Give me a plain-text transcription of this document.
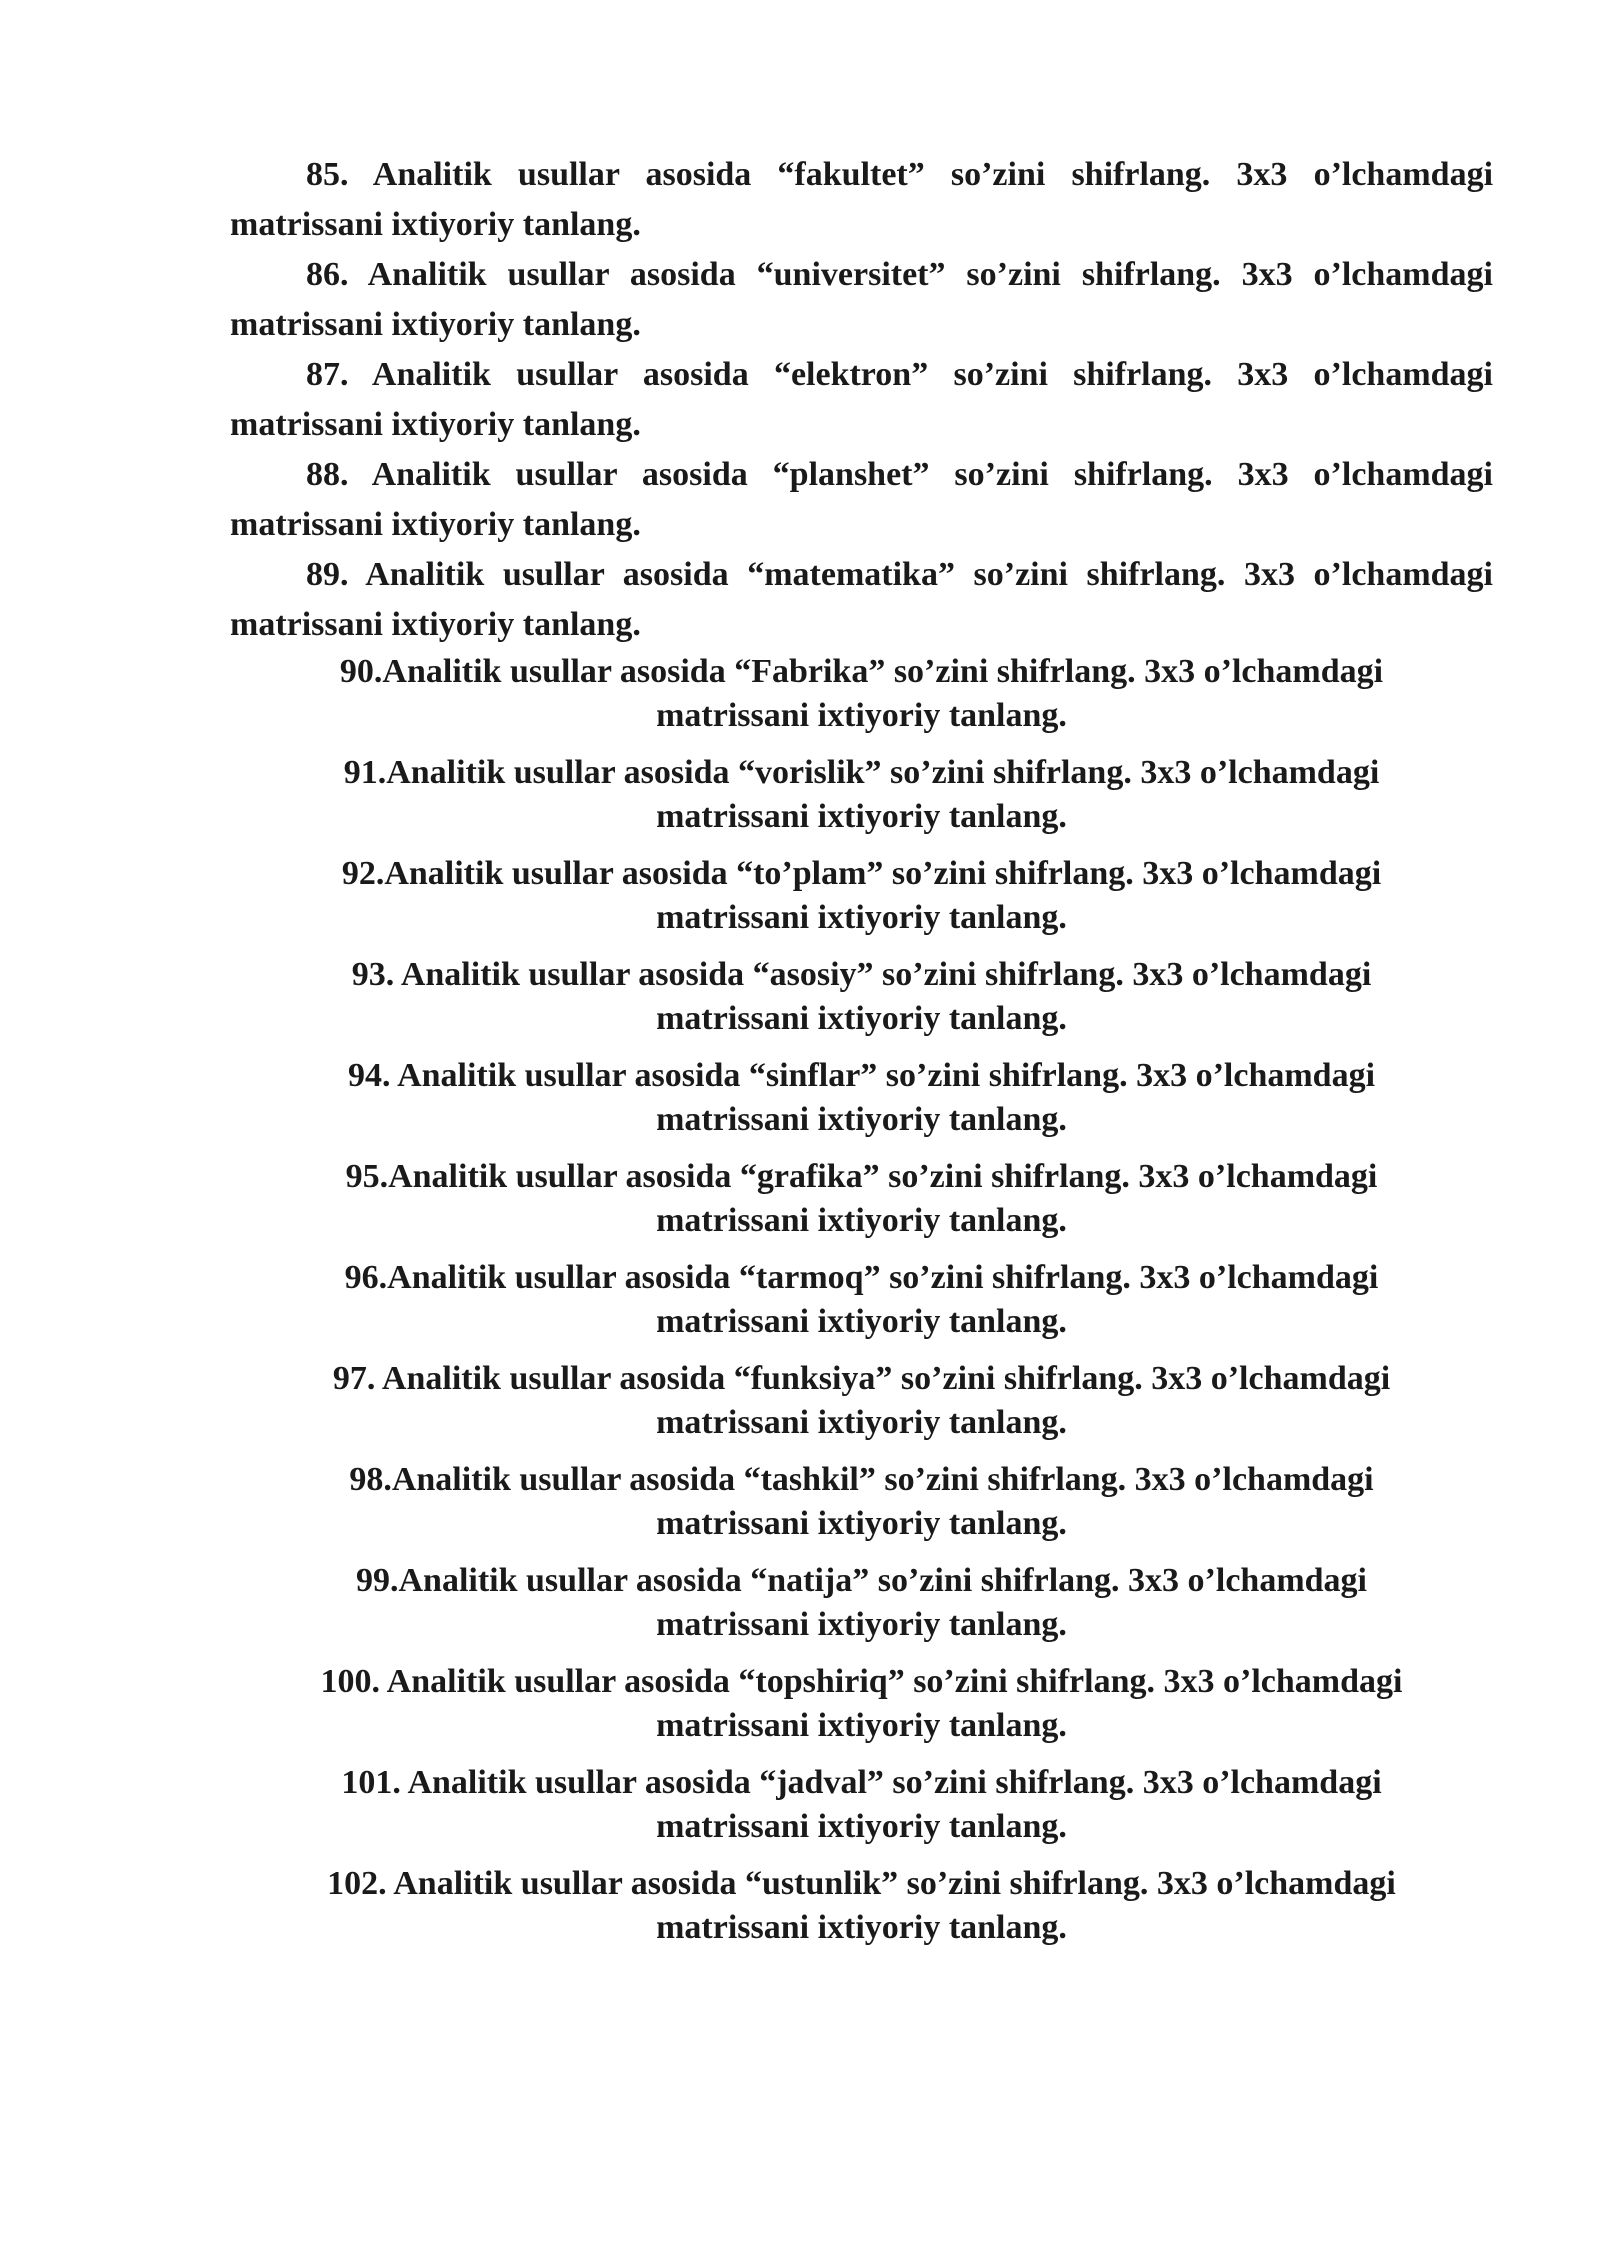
85. Analitik usullar asosida “fakultet” so’zini shifrlang. 3x3 o’lchamdagi matrissani ixtiyoriy tanlang.

86. Analitik usullar asosida “universitet” so’zini shifrlang. 3x3 o’lchamdagi matrissani ixtiyoriy tanlang.

87. Analitik usullar asosida “elektron” so’zini shifrlang. 3x3 o’lchamdagi matrissani ixtiyoriy tanlang.

88. Analitik usullar asosida “planshet” so’zini shifrlang. 3x3 o’lchamdagi matrissani ixtiyoriy tanlang.

89. Analitik usullar asosida “matematika” so’zini shifrlang. 3x3 o’lchamdagi matrissani ixtiyoriy tanlang.

90.Analitik usullar asosida “Fabrika” so’zini shifrlang. 3x3 o’lchamdagi
matrissani ixtiyoriy tanlang.

91.Analitik usullar asosida “vorislik” so’zini shifrlang. 3x3 o’lchamdagi
matrissani ixtiyoriy tanlang.

92.Analitik usullar asosida “to’plam” so’zini shifrlang. 3x3 o’lchamdagi
matrissani ixtiyoriy tanlang.

93. Analitik usullar asosida “asosiy” so’zini shifrlang. 3x3 o’lchamdagi
matrissani ixtiyoriy tanlang.

94. Analitik usullar asosida “sinflar” so’zini shifrlang. 3x3 o’lchamdagi
matrissani ixtiyoriy tanlang.

95.Analitik usullar asosida “grafika” so’zini shifrlang. 3x3 o’lchamdagi
matrissani ixtiyoriy tanlang.

96.Analitik usullar asosida “tarmoq” so’zini shifrlang. 3x3 o’lchamdagi
matrissani ixtiyoriy tanlang.

97. Analitik usullar asosida “funksiya” so’zini shifrlang. 3x3 o’lchamdagi
matrissani ixtiyoriy tanlang.

98.Analitik usullar asosida “tashkil” so’zini shifrlang. 3x3 o’lchamdagi
matrissani ixtiyoriy tanlang.

99.Analitik usullar asosida “natija” so’zini shifrlang. 3x3 o’lchamdagi
matrissani ixtiyoriy tanlang.

100. Analitik usullar asosida “topshiriq” so’zini shifrlang. 3x3 o’lchamdagi
matrissani ixtiyoriy tanlang.

101. Analitik usullar asosida “jadval” so’zini shifrlang. 3x3 o’lchamdagi
matrissani ixtiyoriy tanlang.

102. Analitik usullar asosida “ustunlik” so’zini shifrlang. 3x3 o’lchamdagi
matrissani ixtiyoriy tanlang.
